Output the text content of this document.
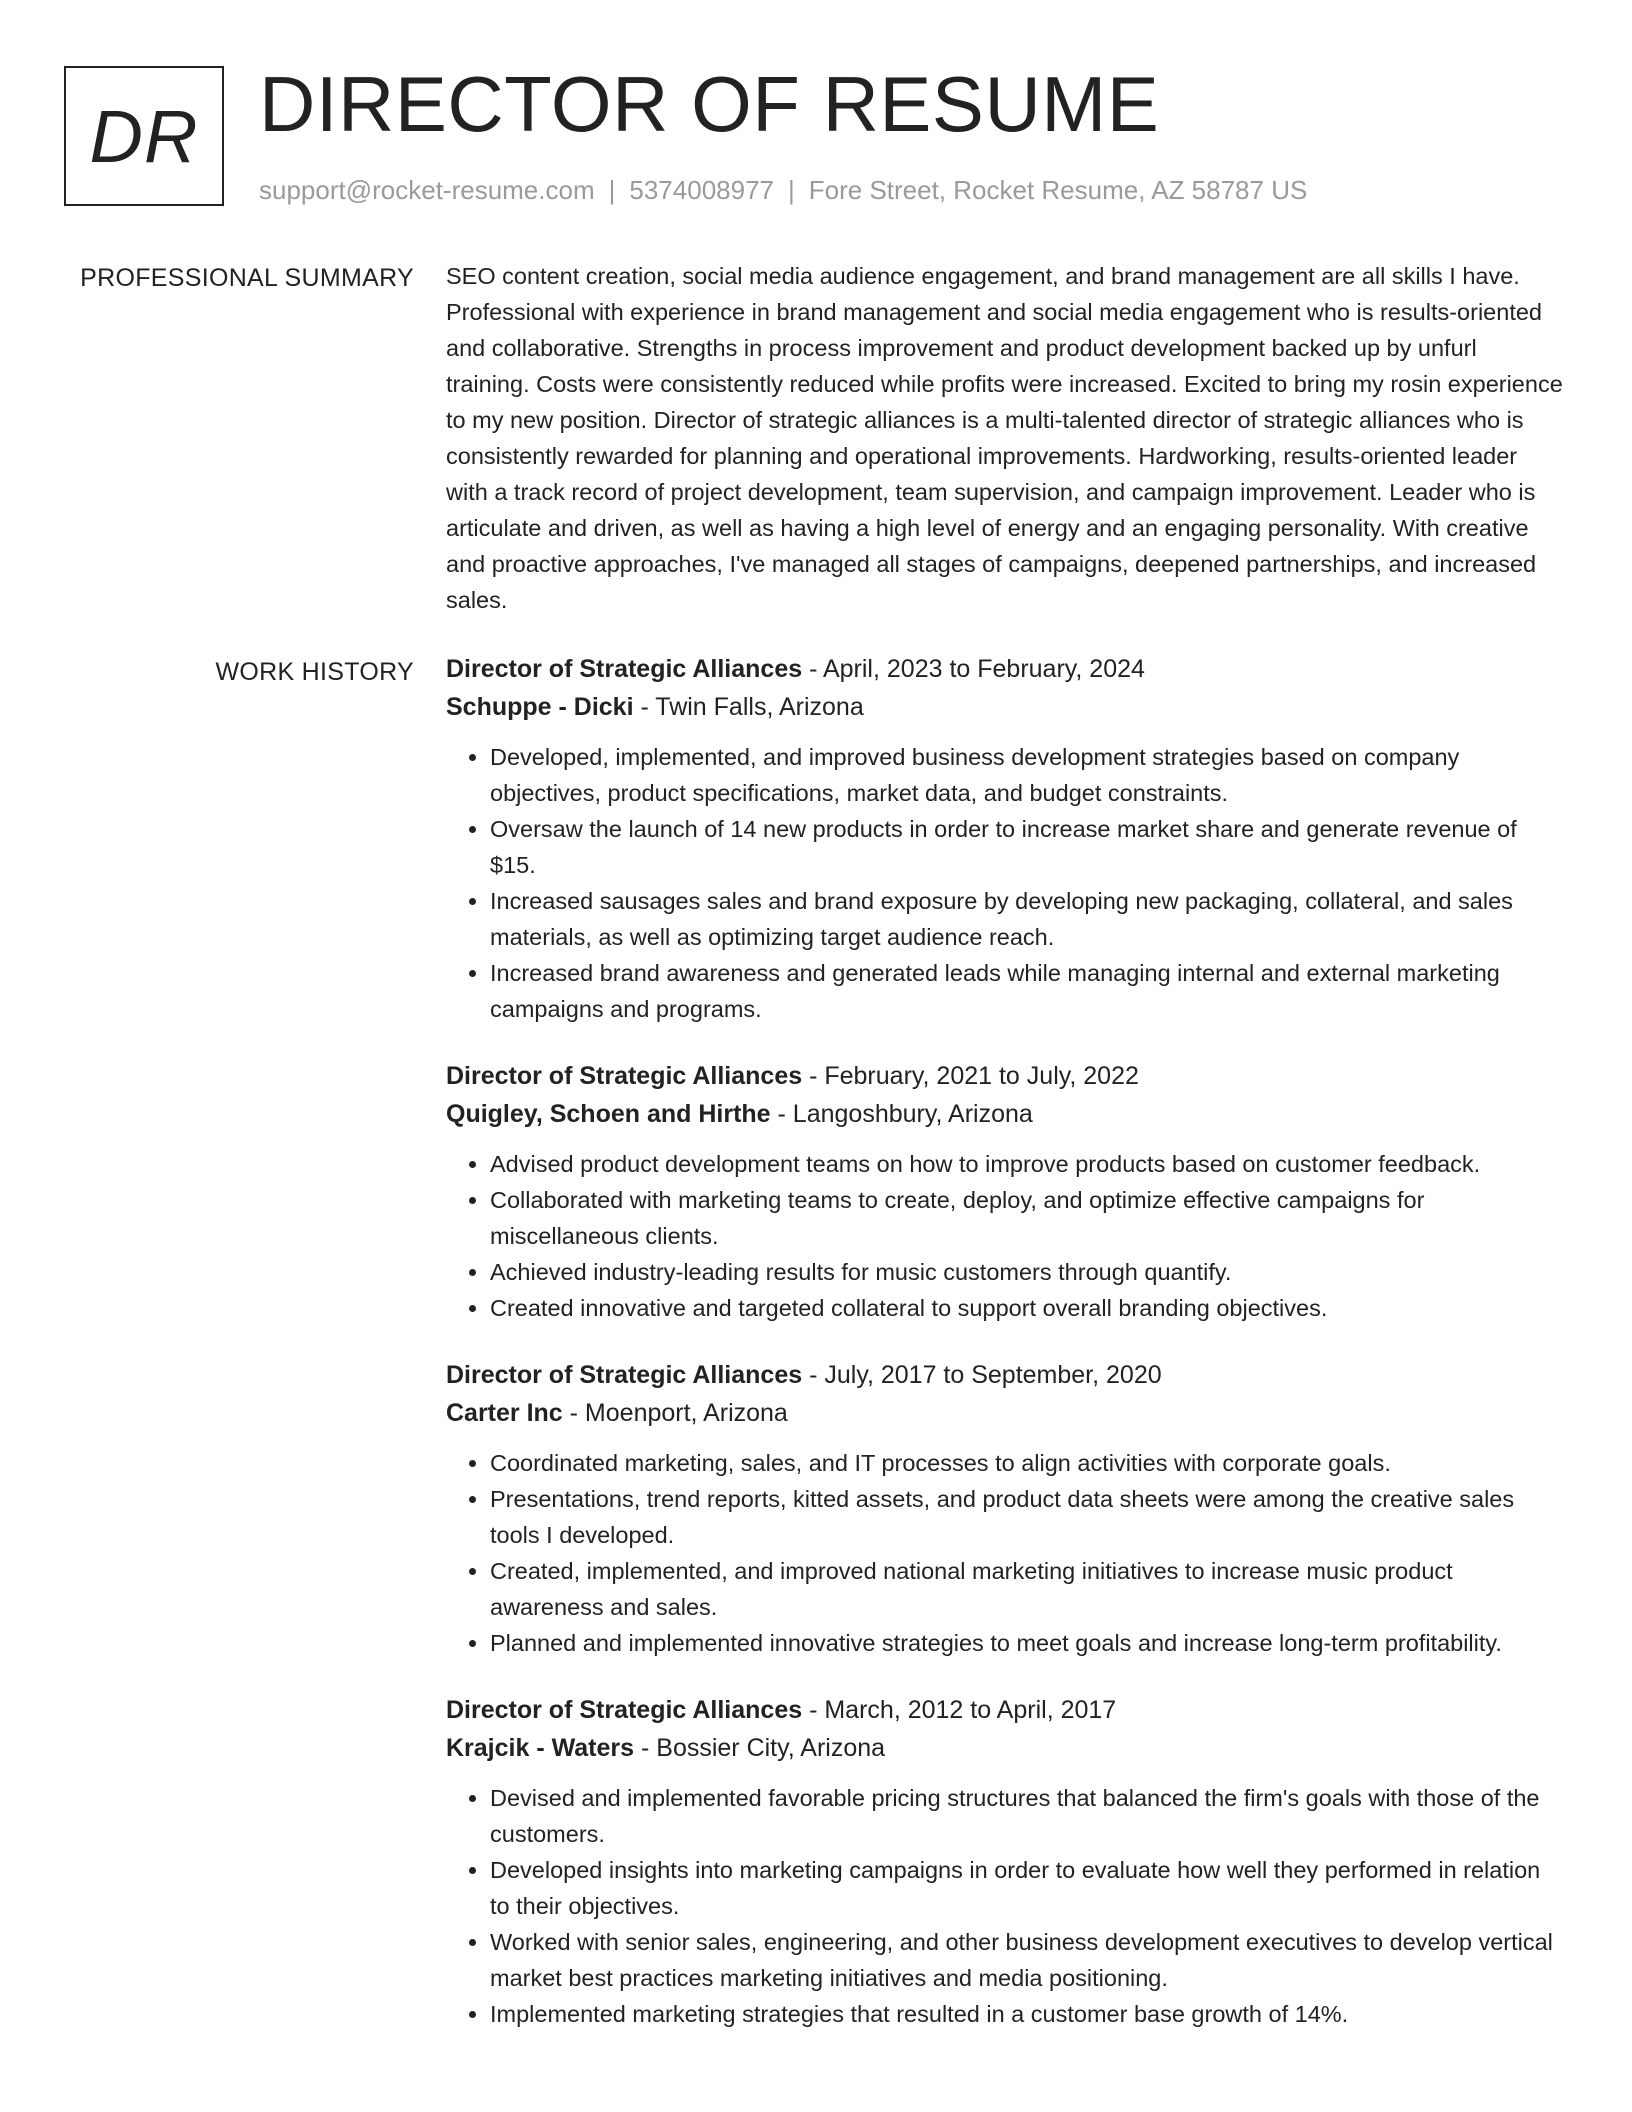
DR DIRECTOR OF RESUME
support@rocket-resume.com | 5374008977 | Fore Street, Rocket Resume, AZ 58787 US
PROFESSIONAL SUMMARY SEO content creation, social media audience engagement, and brand management are all skills I have. Professional with experience in brand management and social media engagement who is results-oriented and collaborative. Strengths in process improvement and product development backed up by unfurl training. Costs were consistently reduced while profits were increased. Excited to bring my rosin experience to my new position. Director of strategic alliances is a multi-talented director of strategic alliances who is consistently rewarded for planning and operational improvements. Hardworking, results-oriented leader with a track record of project development, team supervision, and campaign improvement. Leader who is articulate and driven, as well as having a high level of energy and an engaging personality. With creative and proactive approaches, I've managed all stages of campaigns, deepened partnerships, and increased sales.
WORK HISTORY Director of Strategic Alliances - April, 2023 to February, 2024
Schuppe - Dicki - Twin Falls, Arizona
• Developed, implemented, and improved business development strategies based on company objectives, product specifications, market data, and budget constraints.
• Oversaw the launch of 14 new products in order to increase market share and generate revenue of $15.
• Increased sausages sales and brand exposure by developing new packaging, collateral, and sales materials, as well as optimizing target audience reach.
• Increased brand awareness and generated leads while managing internal and external marketing campaigns and programs.
Director of Strategic Alliances - February, 2021 to July, 2022
Quigley, Schoen and Hirthe - Langoshbury, Arizona
• Advised product development teams on how to improve products based on customer feedback.
• Collaborated with marketing teams to create, deploy, and optimize effective campaigns for miscellaneous clients.
• Achieved industry-leading results for music customers through quantify.
• Created innovative and targeted collateral to support overall branding objectives.
Director of Strategic Alliances - July, 2017 to September, 2020
Carter Inc - Moenport, Arizona
• Coordinated marketing, sales, and IT processes to align activities with corporate goals.
• Presentations, trend reports, kitted assets, and product data sheets were among the creative sales tools I developed.
• Created, implemented, and improved national marketing initiatives to increase music product awareness and sales.
• Planned and implemented innovative strategies to meet goals and increase long-term profitability.
Director of Strategic Alliances - March, 2012 to April, 2017
Krajcik - Waters - Bossier City, Arizona
• Devised and implemented favorable pricing structures that balanced the firm's goals with those of the customers.
• Developed insights into marketing campaigns in order to evaluate how well they performed in relation to their objectives.
• Worked with senior sales, engineering, and other business development executives to develop vertical market best practices marketing initiatives and media positioning.
• Implemented marketing strategies that resulted in a customer base growth of 14%.
